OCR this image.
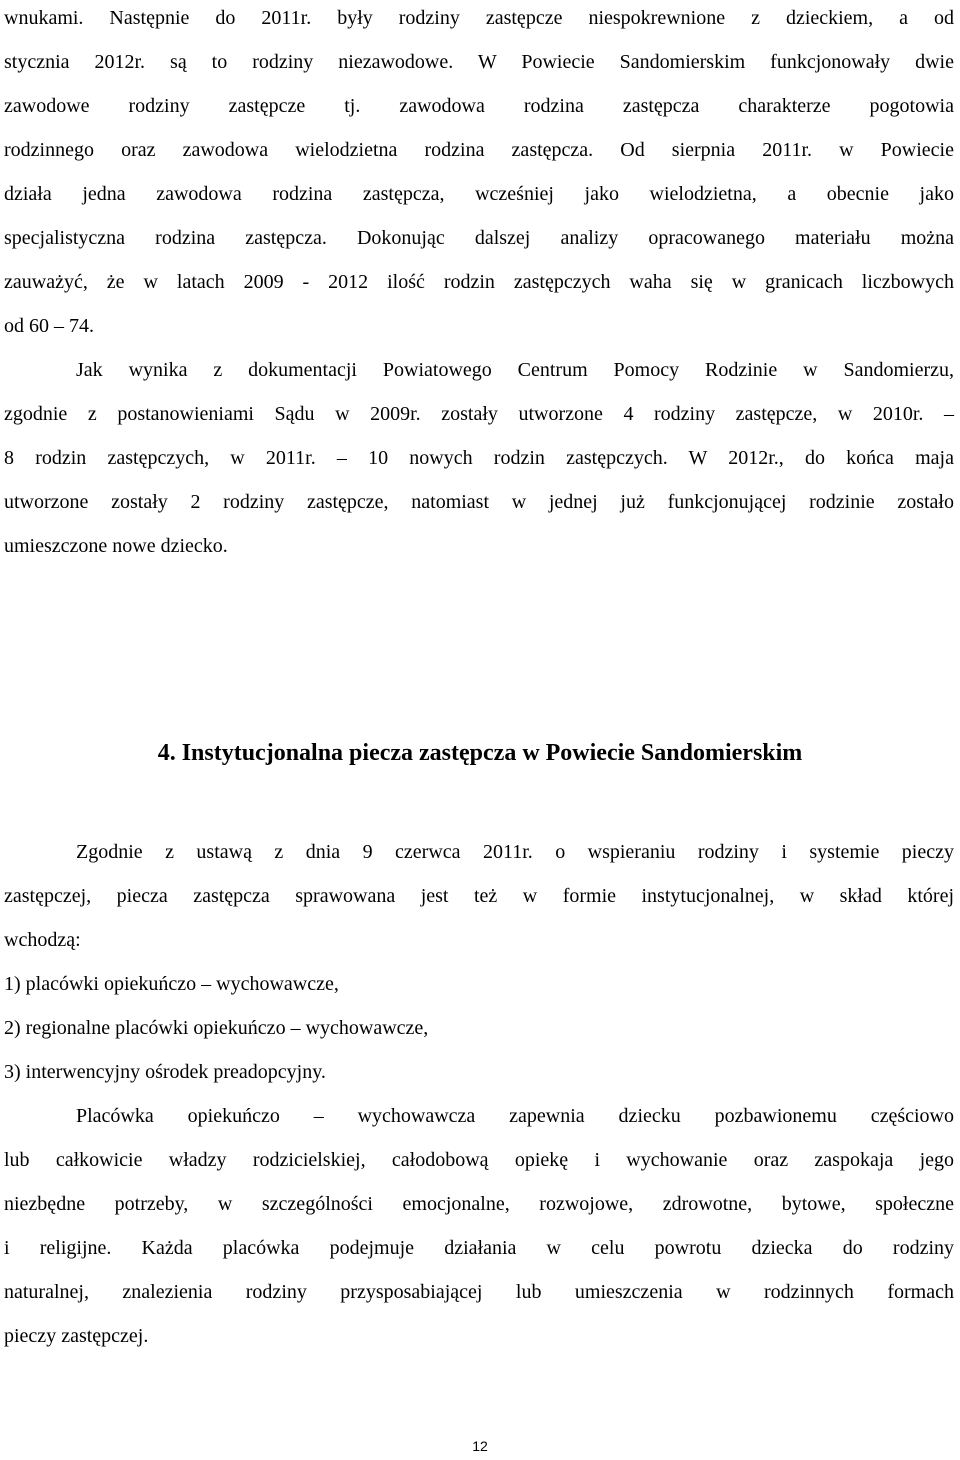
wnukami. Następnie do 2011r. były rodziny zastępcze niespokrewnione z dzieckiem, a od
stycznia 2012r. są to rodziny niezawodowe. W Powiecie Sandomierskim funkcjonowały dwie
zawodowe rodziny zastępcze tj. zawodowa rodzina zastępcza charakterze pogotowia
rodzinnego oraz zawodowa wielodzietna rodzina zastępcza. Od sierpnia 2011r. w Powiecie
działa jedna zawodowa rodzina zastępcza, wcześniej jako wielodzietna, a obecnie jako
specjalistyczna rodzina zastępcza. Dokonując dalszej analizy opracowanego materiału można
zauważyć, że w latach 2009 - 2012 ilość rodzin zastępczych waha się w granicach liczbowych
od 60 – 74.
Jak wynika z dokumentacji Powiatowego Centrum Pomocy Rodzinie w Sandomierzu,
zgodnie z postanowieniami Sądu w 2009r. zostały utworzone 4 rodziny zastępcze, w 2010r. –
8 rodzin zastępczych, w 2011r. – 10 nowych rodzin zastępczych. W 2012r., do końca maja
utworzone zostały 2 rodziny zastępcze, natomiast w jednej już funkcjonującej rodzinie zostało
umieszczone nowe dziecko.
4. Instytucjonalna piecza zastępcza w Powiecie Sandomierskim
Zgodnie z ustawą z dnia 9 czerwca 2011r. o wspieraniu rodziny i systemie pieczy
zastępczej, piecza zastępcza sprawowana jest też w formie instytucjonalnej, w skład której
wchodzą:
1) placówki opiekuńczo – wychowawcze,
2) regionalne placówki opiekuńczo – wychowawcze,
3) interwencyjny ośrodek preadopcyjny.
Placówka opiekuńczo – wychowawcza zapewnia dziecku pozbawionemu częściowo
lub całkowicie władzy rodzicielskiej, całodobową opiekę i wychowanie oraz zaspokaja jego
niezbędne potrzeby, w szczególności emocjonalne, rozwojowe, zdrowotne, bytowe, społeczne
i religijne. Każda placówka podejmuje działania w celu powrotu dziecka do rodziny
naturalnej, znalezienia rodziny przysposabiającej lub umieszczenia w rodzinnych formach
pieczy zastępczej.
12
